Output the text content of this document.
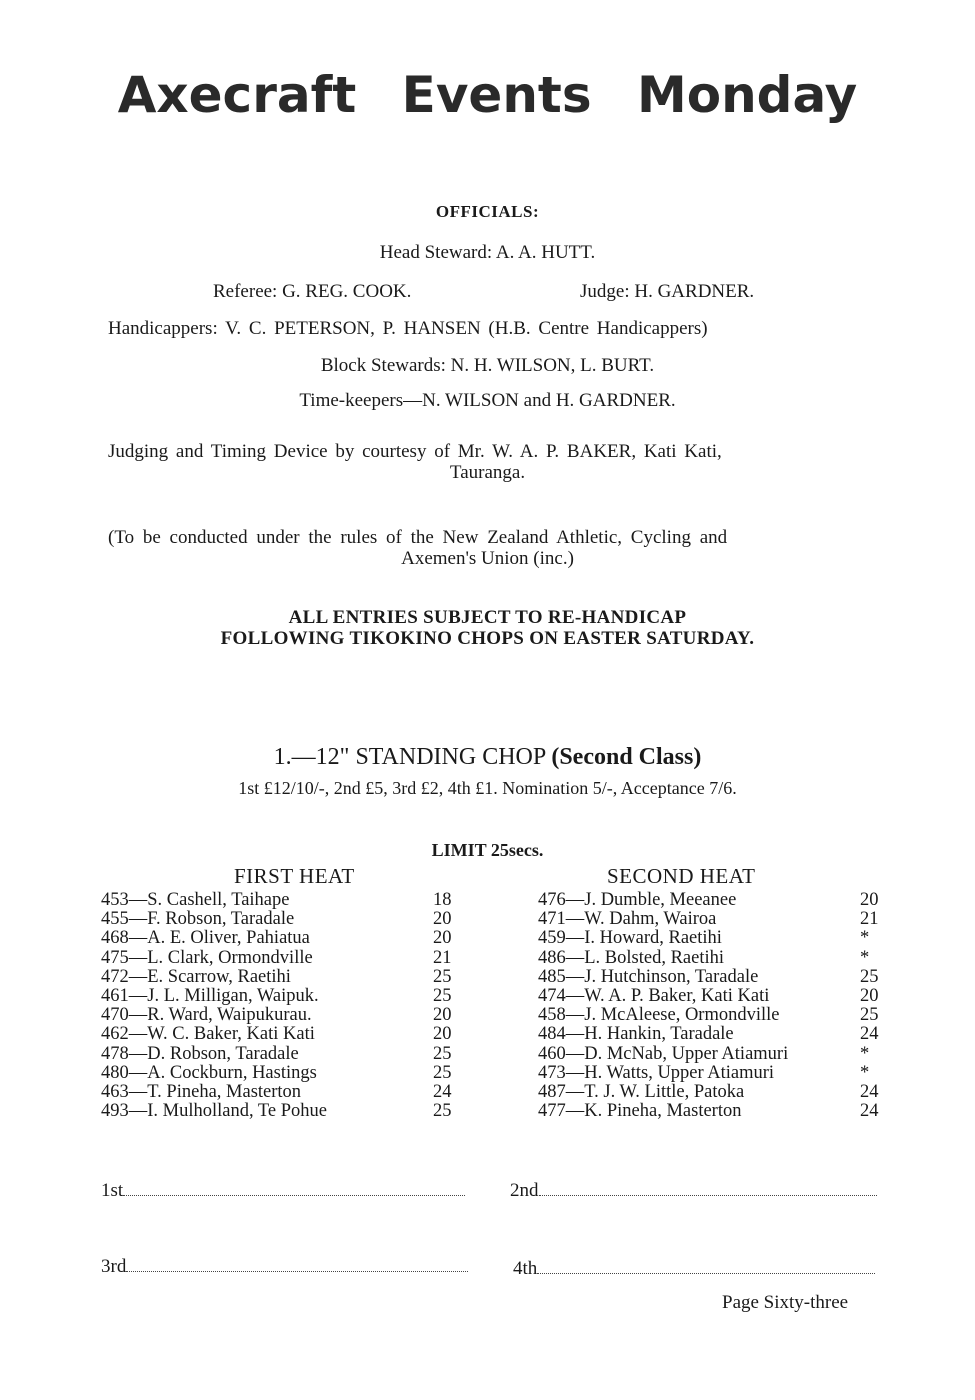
Axecraft Events Monday
OFFICIALS:
Head Steward: A. A. HUTT.
Referee: G. REG. COOK.	Judge: H. GARDNER.
Handicappers: V. C. PETERSON, P. HANSEN (H.B. Centre Handicappers)
Block Stewards: N. H. WILSON, L. BURT.
Time-keepers—N. WILSON and H. GARDNER.
Judging and Timing Device by courtesy of Mr. W. A. P. BAKER, Kati Kati,
Tauranga.
(To be conducted under the rules of the New Zealand Athletic, Cycling and
Axemen's Union (inc.)
ALL ENTRIES SUBJECT TO RE-HANDICAP
FOLLOWING TIKOKINO CHOPS ON EASTER SATURDAY.
1.—12" STANDING CHOP (Second Class)
1st £12/10/-, 2nd £5, 3rd £2, 4th £1. Nomination 5/-, Acceptance 7/6.
LIMIT 25secs.
FIRST HEAT	SECOND HEAT
453—S. Cashell, Taihape	18
455—F. Robson, Taradale	20
468—A. E. Oliver, Pahiatua	20
475—L. Clark, Ormondville	21
472—E. Scarrow, Raetihi	25
461—J. L. Milligan, Waipuk.	25
470—R. Ward, Waipukurau.	20
462—W. C. Baker, Kati Kati	20
478—D. Robson, Taradale	25
480—A. Cockburn, Hastings	25
463—T. Pineha, Masterton	24
493—I. Mulholland, Te Pohue	25
476—J. Dumble, Meeanee	20
471—W. Dahm, Wairoa	21
459—I. Howard, Raetihi	*
486—L. Bolsted, Raetihi	*
485—J. Hutchinson, Taradale	25
474—W. A. P. Baker, Kati Kati	20
458—J. McAleese, Ormondville	25
484—H. Hankin, Taradale	24
460—D. McNab, Upper Atiamuri	*
473—H. Watts, Upper Atiamuri	*
487—T. J. W. Little, Patoka	24
477—K. Pineha, Masterton	24
1st	2nd
3rd	4th
Page Sixty-three
